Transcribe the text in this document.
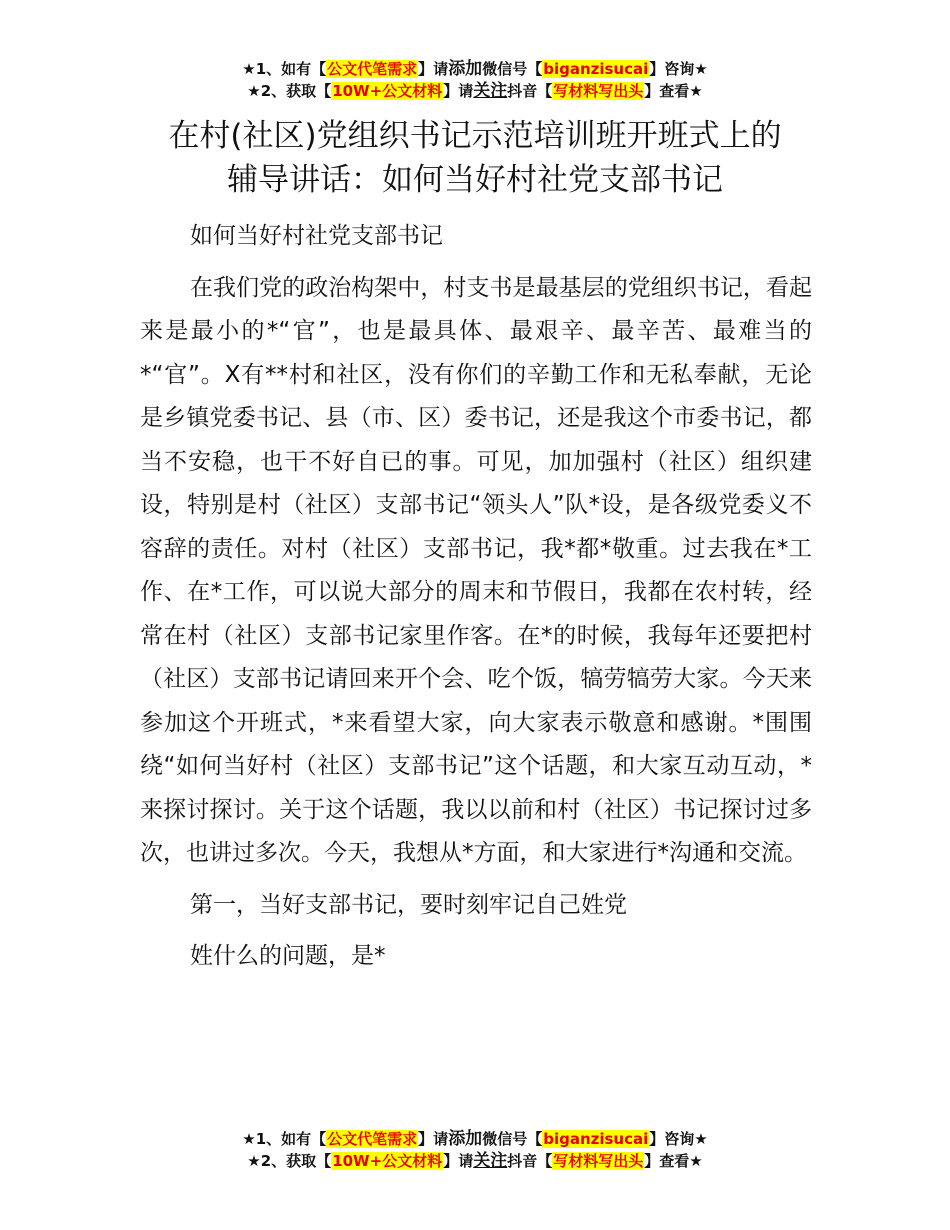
★1、如有【公文代笔需求】请添加微信号【biganzisucai】咨询★
★2、获取【10W+公文材料】请关注抖音【写材料写出头】查看★
在村(社区)党组织书记示范培训班开班式上的
辅导讲话：如何当好村社党支部书记

如何当好村社党支部书记

在我们党的政治构架中，村支书是最基层的党组织书记，看起来是最小的*“官”，也是最具体、最艰辛、最辛苦、最难当的*“官”。X有**村和社区，没有你们的辛勤工作和无私奉献，无论是乡镇党委书记、县（市、区）委书记，还是我这个市委书记，都当不安稳，也干不好自已的事。可见，加加强村（社区）组织建设，特别是村（社区）支部书记“领头人”队*设，是各级党委义不容辞的责任。对村（社区）支部书记，我*都*敬重。过去我在*工作、在*工作，可以说大部分的周末和节假日，我都在农村转，经常在村（社区）支部书记家里作客。在*的时候，我每年还要把村（社区）支部书记请回来开个会、吃个饭，犒劳犒劳大家。今天来参加这个开班式，*来看望大家，向大家表示敬意和感谢。*围围绕“如何当好村（社区）支部书记”这个话题，和大家互动互动，*来探讨探讨。关于这个话题，我以以前和村（社区）书记探讨过多次，也讲过多次。今天，我想从*方面，和大家进行*沟通和交流。

第一，当好支部书记，要时刻牢记自己姓党

姓什么的问题，是*

★1、如有【公文代笔需求】请添加微信号【biganzisucai】咨询★
★2、获取【10W+公文材料】请关注抖音【写材料写出头】查看★
